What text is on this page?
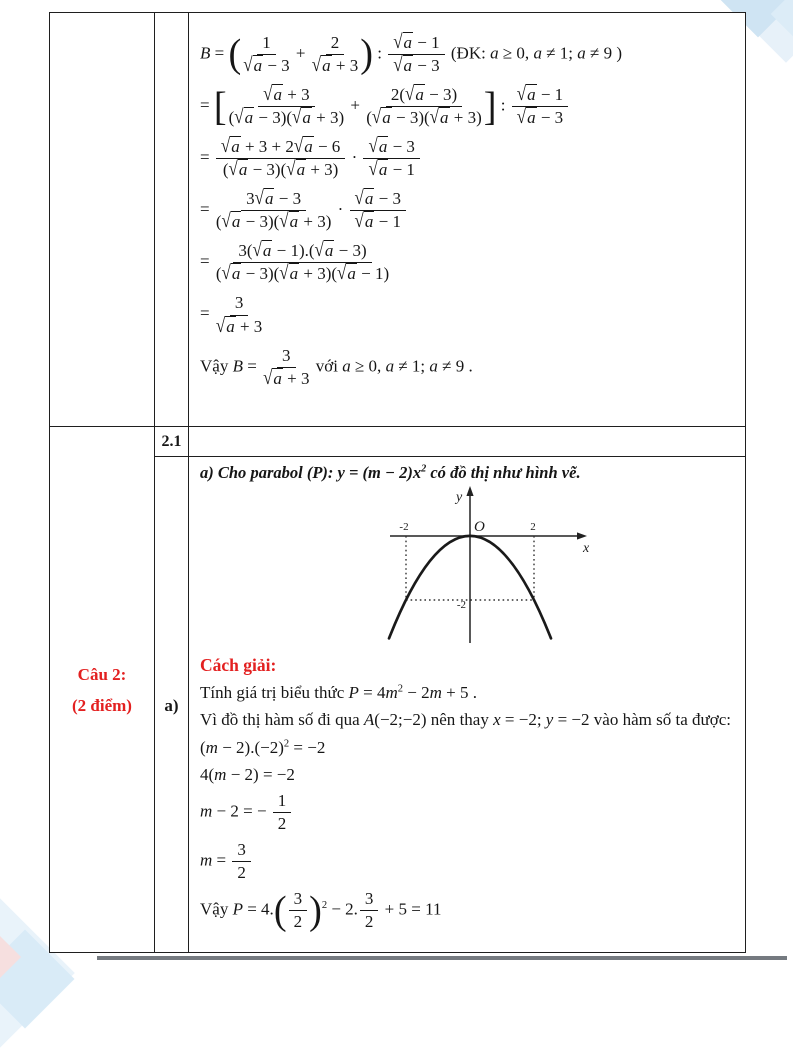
Câu 2:
(2 điểm)
2.1
a)
B = ( $\frac{1}{√a - 3} + \frac{2}{√a + 3}$ ) : $\frac{√a - 1}{√a - 3}$ (ĐK: a ≥ 0, a ≠ 1; a ≠ 9 )
= [ $\frac{√a + 3}{(√a - 3)(√a + 3)} + \frac{2(√a - 3)}{(√a - 3)(√a + 3)}$ ] : $\frac{√a - 1}{√a - 3}$
= $\frac{√a + 3 + 2√a - 6}{(√a - 3)(√a + 3)} \cdot \frac{√a - 3}{√a - 1}$
= $\frac{3√a - 3}{(√a - 3)(√a + 3)} \cdot \frac{√a - 3}{√a - 1}$
= $\frac{3(√a - 1).(√a - 3)}{(√a - 3)(√a + 3)(√a - 1)}$
= $\frac{3}{√a + 3}$
Vậy $B = \frac{3}{√a + 3}$ với a ≥ 0, a ≠ 1; a ≠ 9 .
a) Cho parabol (P): $y = (m - 2)x^2$ có đồ thị như hình vẽ.
y
x
O
-2	2
-2
Cách giải:
Tính giá trị biểu thức $P = 4m^2 - 2m + 5$ .
Vì đồ thị hàm số đi qua A(−2;−2) nên thay x = −2; y = −2 vào hàm số ta được:
$(m - 2).(-2)^2 = -2$
4(m − 2) = −2
m − 2 = − $\frac{1}{2}$
$m = \frac{3}{2}$
Vậy P = 4. ( $\frac{3}{2}$ ) $^2$ − 2. $\frac{3}{2} + 5 = 11$
